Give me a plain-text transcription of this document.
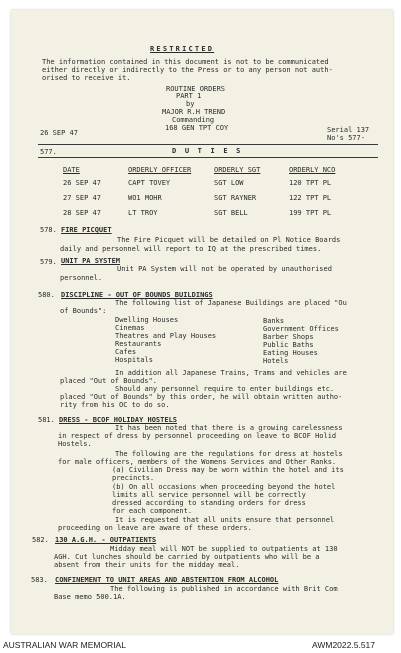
RESTRICTED
The information contained in this document is not to be communicated
either directly or indirectly to the Press or to any person not auth-
orised to receive it.
ROUTINE ORDERS
PART 1
by
MAJOR R.H TREND
Commanding
168 GEN TPT COY
26 SEP 47	Serial 137
No's 577-
577.	D U T I E S
DATE	ORDERLY OFFICER	ORDERLY SGT	ORDERLY NCO
26 SEP 47	CAPT TOVEY	SGT LOW	120 TPT PL
27 SEP 47	WO1 MOHR	SGT RAYNER	122 TPT PL
28 SEP 47	LT TROY	SGT BELL	199 TPT PL
578. FIRE PICQUET
The Fire Picquet will be detailed on Pl Notice Boards
daily and personnel will report to IQ at the prescribed times.
579. UNIT PA SYSTEM
Unit PA System will not be operated by unauthorised
personnel.
580. DISCIPLINE - OUT OF BOUNDS BUILDINGS
The following list of Japanese Buildings are placed "Ou
of Bounds":
Dwelling Houses
Cinemas
Theatres and Play Houses
Restaurants
Cafes
Hospitals
Banks
Government Offices
Barber Shops
Public Baths
Eating Houses
Hotels
In addition all Japanese Trains, Trams and vehicles are
placed "Out of Bounds".
Should any personnel require to enter buildings etc.
placed "Out of Bounds" by this order, he will obtain written autho-
rity from his OC to do so.
581. DRESS - BCOF HOLIDAY HOSTELS
It has been noted that there is a growing carelessness
in respect of dress by personnel proceeding on leave to BCOF Holid
Hostels.
The following are the regulations for dress at hostels
for male officers, members of the Womens Services and Other Ranks.
(a) Civilian Dress may be worn within the hotel and its
precincts.
(b) On all occasions when proceeding beyond the hotel
limits all service personnel will be correctly
dressed according to standing orders for dress
for each component.
It is requested that all units ensure that personnel
proceeding on leave are aware of these orders.
582. 130 A.G.H. - OUTPATIENTS
Midday meal will NOT be supplied to outpatients at 130
AGH. Cut lunches should be carried by outpatients who will be a
absent from their units for the midday meal.
583. CONFINEMENT TO UNIT AREAS AND ABSTENTION FROM ALCOHOL
The following is published in accordance with Brit Com
Base memo 500.1A.
AUSTRALIAN WAR MEMORIAL	AWM2022.5.517
